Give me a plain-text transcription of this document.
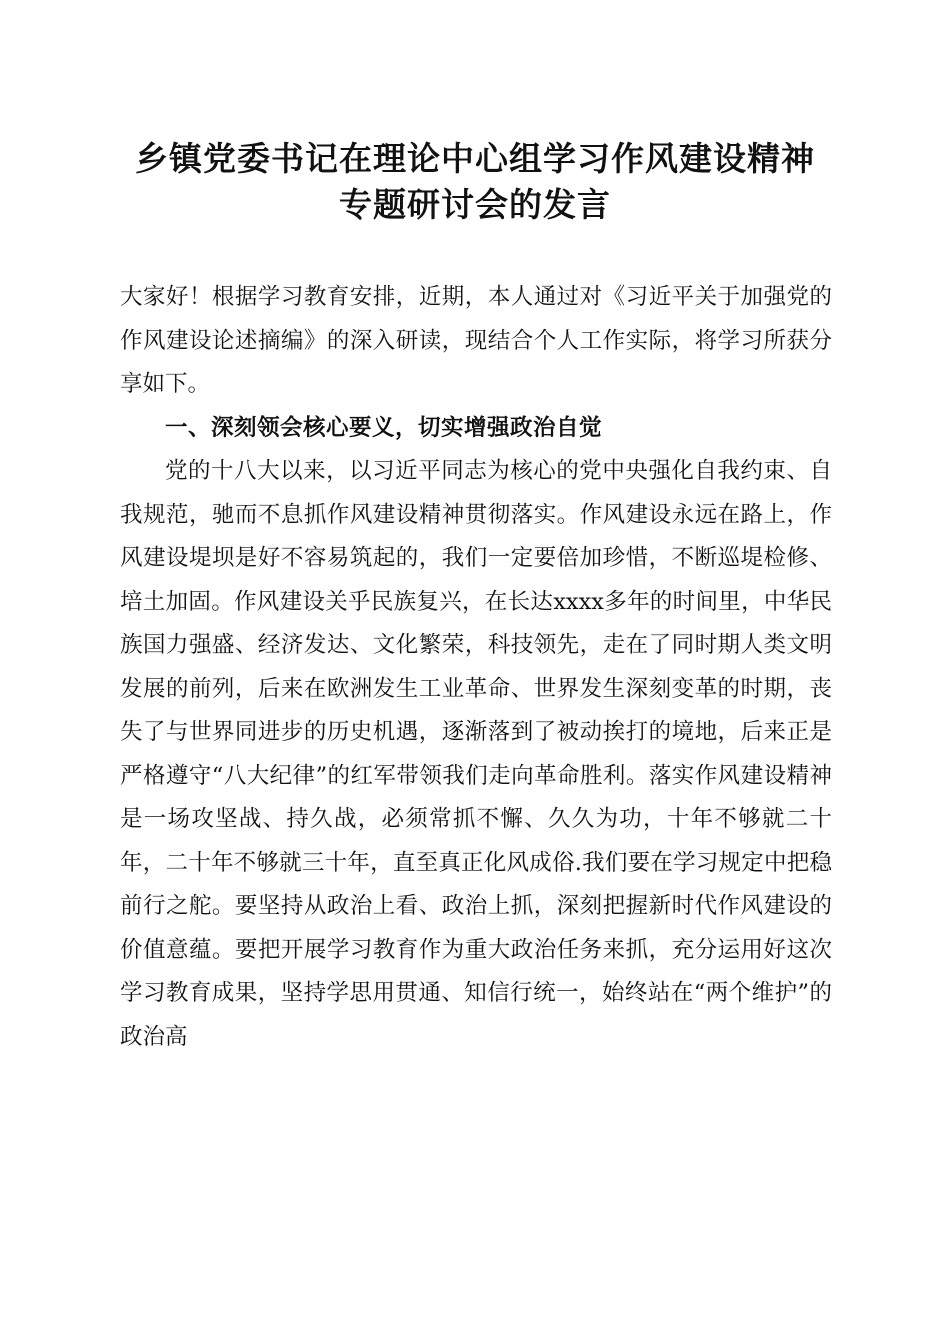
乡镇党委书记在理论中心组学习作风建设精神
专题研讨会的发言

大家好！根据学习教育安排，近期，本人通过对《习近平关于加强党的作风建设论述摘编》的深入研读，现结合个人工作实际，将学习所获分享如下。

一、深刻领会核心要义，切实增强政治自觉

党的十八大以来，以习近平同志为核心的党中央强化自我约束、自我规范，驰而不息抓作风建设精神贯彻落实。作风建设永远在路上，作风建设堤坝是好不容易筑起的，我们一定要倍加珍惜，不断巡堤检修、培土加固。作风建设关乎民族复兴，在长达xxxx多年的时间里，中华民族国力强盛、经济发达、文化繁荣，科技领先，走在了同时期人类文明发展的前列，后来在欧洲发生工业革命、世界发生深刻变革的时期，丧失了与世界同进步的历史机遇，逐渐落到了被动挨打的境地，后来正是严格遵守“八大纪律”的红军带领我们走向革命胜利。落实作风建设精神是一场攻坚战、持久战，必须常抓不懈、久久为功，十年不够就二十年，二十年不够就三十年，直至真正化风成俗.我们要在学习规定中把稳前行之舵。要坚持从政治上看、政治上抓，深刻把握新时代作风建设的价值意蕴。要把开展学习教育作为重大政治任务来抓，充分运用好这次学习教育成果，坚持学思用贯通、知信行统一，始终站在“两个维护”的政治高
